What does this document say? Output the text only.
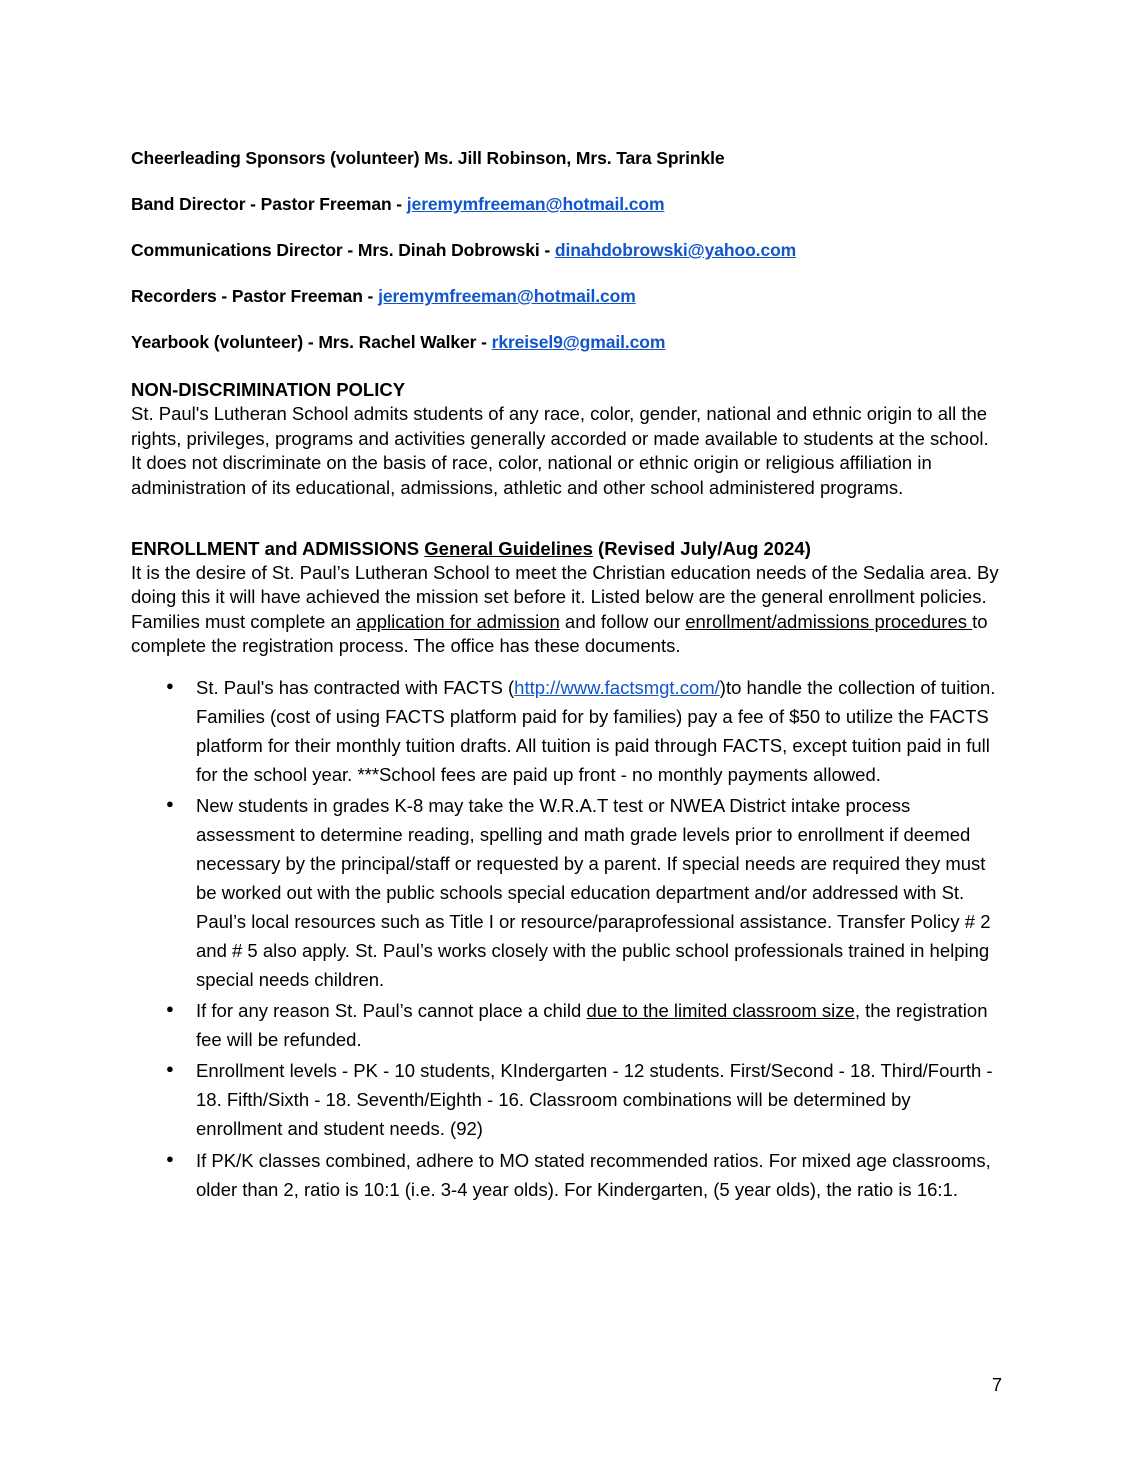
Cheerleading Sponsors (volunteer) Ms. Jill Robinson, Mrs. Tara Sprinkle
Band Director - Pastor Freeman - jeremymfreeman@hotmail.com
Communications Director - Mrs. Dinah Dobrowski - dinahdobrowski@yahoo.com
Recorders - Pastor Freeman - jeremymfreeman@hotmail.com
Yearbook (volunteer) - Mrs. Rachel Walker - rkreisel9@gmail.com
NON-DISCRIMINATION POLICY
St. Paul's Lutheran School admits students of any race, color, gender, national and ethnic origin to all the rights, privileges, programs and activities generally accorded or made available to students at the school. It does not discriminate on the basis of race, color, national or ethnic origin or religious affiliation in administration of its educational, admissions, athletic and other school administered programs.
ENROLLMENT and ADMISSIONS General Guidelines (Revised July/Aug 2024)
It is the desire of St. Paul’s Lutheran School to meet the Christian education needs of the Sedalia area. By doing this it will have achieved the mission set before it. Listed below are the general enrollment policies. Families must complete an application for admission and follow our enrollment/admissions procedures to complete the registration process. The office has these documents.
● St. Paul's has contracted with FACTS (http://www.factsmgt.com/)to handle the collection of tuition. Families (cost of using FACTS platform paid for by families) pay a fee of $50 to utilize the FACTS platform for their monthly tuition drafts. All tuition is paid through FACTS, except tuition paid in full for the school year. ***School fees are paid up front - no monthly payments allowed.
● New students in grades K-8 may take the W.R.A.T test or NWEA District intake process assessment to determine reading, spelling and math grade levels prior to enrollment if deemed necessary by the principal/staff or requested by a parent. If special needs are required they must be worked out with the public schools special education department and/or addressed with St. Paul’s local resources such as Title I or resource/paraprofessional assistance. Transfer Policy # 2 and # 5 also apply. St. Paul’s works closely with the public school professionals trained in helping special needs children.
● If for any reason St. Paul’s cannot place a child due to the limited classroom size, the registration fee will be refunded.
● Enrollment levels - PK - 10 students, KIndergarten - 12 students. First/Second - 18. Third/Fourth - 18. Fifth/Sixth - 18. Seventh/Eighth - 16. Classroom combinations will be determined by enrollment and student needs. (92)
● If PK/K classes combined, adhere to MO stated recommended ratios. For mixed age classrooms, older than 2, ratio is 10:1 (i.e. 3-4 year olds). For Kindergarten, (5 year olds), the ratio is 16:1.
7
